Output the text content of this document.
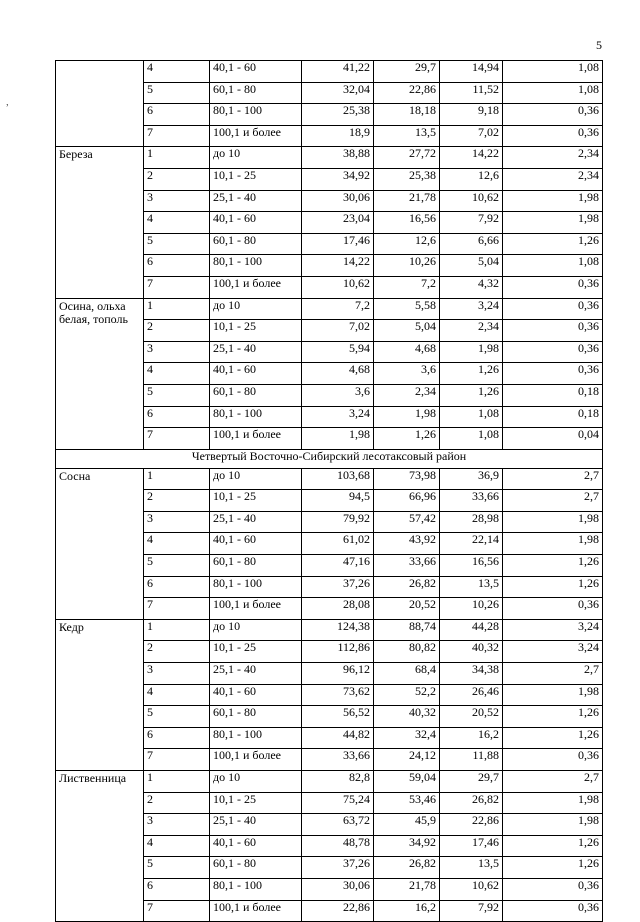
5
,
	4	40,1 - 60	41,22	29,7	14,94	1,08
	5	60,1 - 80	32,04	22,86	11,52	1,08
	6	80,1 - 100	25,38	18,18	9,18	0,36
	7	100,1 и более	18,9	13,5	7,02	0,36
Береза	1	до 10	38,88	27,72	14,22	2,34
	2	10,1 - 25	34,92	25,38	12,6	2,34
	3	25,1 - 40	30,06	21,78	10,62	1,98
	4	40,1 - 60	23,04	16,56	7,92	1,98
	5	60,1 - 80	17,46	12,6	6,66	1,26
	6	80,1 - 100	14,22	10,26	5,04	1,08
	7	100,1 и более	10,62	7,2	4,32	0,36
Осина, ольха белая, тополь	1	до 10	7,2	5,58	3,24	0,36
	2	10,1 - 25	7,02	5,04	2,34	0,36
	3	25,1 - 40	5,94	4,68	1,98	0,36
	4	40,1 - 60	4,68	3,6	1,26	0,36
	5	60,1 - 80	3,6	2,34	1,26	0,18
	6	80,1 - 100	3,24	1,98	1,08	0,18
	7	100,1 и более	1,98	1,26	1,08	0,04
Четвертый Восточно-Сибирский лесотаксовый район						
Сосна	1	до 10	103,68	73,98	36,9	2,7
	2	10,1 - 25	94,5	66,96	33,66	2,7
	3	25,1 - 40	79,92	57,42	28,98	1,98
	4	40,1 - 60	61,02	43,92	22,14	1,98
	5	60,1 - 80	47,16	33,66	16,56	1,26
	6	80,1 - 100	37,26	26,82	13,5	1,26
	7	100,1 и более	28,08	20,52	10,26	0,36
Кедр	1	до 10	124,38	88,74	44,28	3,24
	2	10,1 - 25	112,86	80,82	40,32	3,24
	3	25,1 - 40	96,12	68,4	34,38	2,7
	4	40,1 - 60	73,62	52,2	26,46	1,98
	5	60,1 - 80	56,52	40,32	20,52	1,26
	6	80,1 - 100	44,82	32,4	16,2	1,26
	7	100,1 и более	33,66	24,12	11,88	0,36
Лиственница	1	до 10	82,8	59,04	29,7	2,7
	2	10,1 - 25	75,24	53,46	26,82	1,98
	3	25,1 - 40	63,72	45,9	22,86	1,98
	4	40,1 - 60	48,78	34,92	17,46	1,26
	5	60,1 - 80	37,26	26,82	13,5	1,26
	6	80,1 - 100	30,06	21,78	10,62	0,36
	7	100,1 и более	22,86	16,2	7,92	0,36
